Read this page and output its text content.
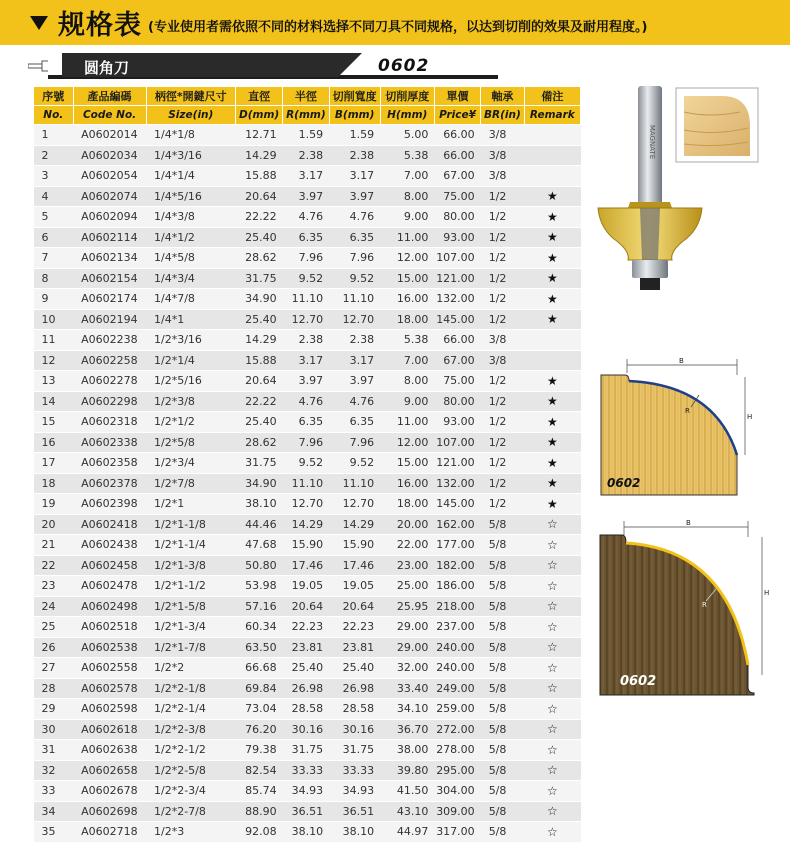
规格表 (专业使用者需依照不同的材料选择不同刀具不同规格，以达到切削的效果及耐用程度。)
圆角刀	0602
序號	產品編碼	柄徑*開鍵尺寸	直徑	半徑	切削寬度	切削厚度	單價	軸承	備注
No.	Code No.	Size(in)	D(mm)	R(mm)	B(mm)	H(mm)	Price¥	BR(in)	Remark
1	A0602014	1/4*1/8	12.71	1.59	1.59	5.00	66.00	3/8	
2	A0602034	1/4*3/16	14.29	2.38	2.38	5.38	66.00	3/8	
3	A0602054	1/4*1/4	15.88	3.17	3.17	7.00	67.00	3/8	
4	A0602074	1/4*5/16	20.64	3.97	3.97	8.00	75.00	1/2	★
5	A0602094	1/4*3/8	22.22	4.76	4.76	9.00	80.00	1/2	★
6	A0602114	1/4*1/2	25.40	6.35	6.35	11.00	93.00	1/2	★
7	A0602134	1/4*5/8	28.62	7.96	7.96	12.00	107.00	1/2	★
8	A0602154	1/4*3/4	31.75	9.52	9.52	15.00	121.00	1/2	★
9	A0602174	1/4*7/8	34.90	11.10	11.10	16.00	132.00	1/2	★
10	A0602194	1/4*1	25.40	12.70	12.70	18.00	145.00	1/2	★
11	A0602238	1/2*3/16	14.29	2.38	2.38	5.38	66.00	3/8	
12	A0602258	1/2*1/4	15.88	3.17	3.17	7.00	67.00	3/8	
13	A0602278	1/2*5/16	20.64	3.97	3.97	8.00	75.00	1/2	★
14	A0602298	1/2*3/8	22.22	4.76	4.76	9.00	80.00	1/2	★
15	A0602318	1/2*1/2	25.40	6.35	6.35	11.00	93.00	1/2	★
16	A0602338	1/2*5/8	28.62	7.96	7.96	12.00	107.00	1/2	★
17	A0602358	1/2*3/4	31.75	9.52	9.52	15.00	121.00	1/2	★
18	A0602378	1/2*7/8	34.90	11.10	11.10	16.00	132.00	1/2	★
19	A0602398	1/2*1	38.10	12.70	12.70	18.00	145.00	1/2	★
20	A0602418	1/2*1-1/8	44.46	14.29	14.29	20.00	162.00	5/8	☆
21	A0602438	1/2*1-1/4	47.68	15.90	15.90	22.00	177.00	5/8	☆
22	A0602458	1/2*1-3/8	50.80	17.46	17.46	23.00	182.00	5/8	☆
23	A0602478	1/2*1-1/2	53.98	19.05	19.05	25.00	186.00	5/8	☆
24	A0602498	1/2*1-5/8	57.16	20.64	20.64	25.95	218.00	5/8	☆
25	A0602518	1/2*1-3/4	60.34	22.23	22.23	29.00	237.00	5/8	☆
26	A0602538	1/2*1-7/8	63.50	23.81	23.81	29.00	240.00	5/8	☆
27	A0602558	1/2*2	66.68	25.40	25.40	32.00	240.00	5/8	☆
28	A0602578	1/2*2-1/8	69.84	26.98	26.98	33.40	249.00	5/8	☆
29	A0602598	1/2*2-1/4	73.04	28.58	28.58	34.10	259.00	5/8	☆
30	A0602618	1/2*2-3/8	76.20	30.16	30.16	36.70	272.00	5/8	☆
31	A0602638	1/2*2-1/2	79.38	31.75	31.75	38.00	278.00	5/8	☆
32	A0602658	1/2*2-5/8	82.54	33.33	33.33	39.80	295.00	5/8	☆
33	A0602678	1/2*2-3/4	85.74	34.93	34.93	41.50	304.00	5/8	☆
34	A0602698	1/2*2-7/8	88.90	36.51	36.51	43.10	309.00	5/8	☆
35	A0602718	1/2*3	92.08	38.10	38.10	44.97	317.00	5/8	☆
MAGNATE
B
H
R
0602
B
H
R
0602
